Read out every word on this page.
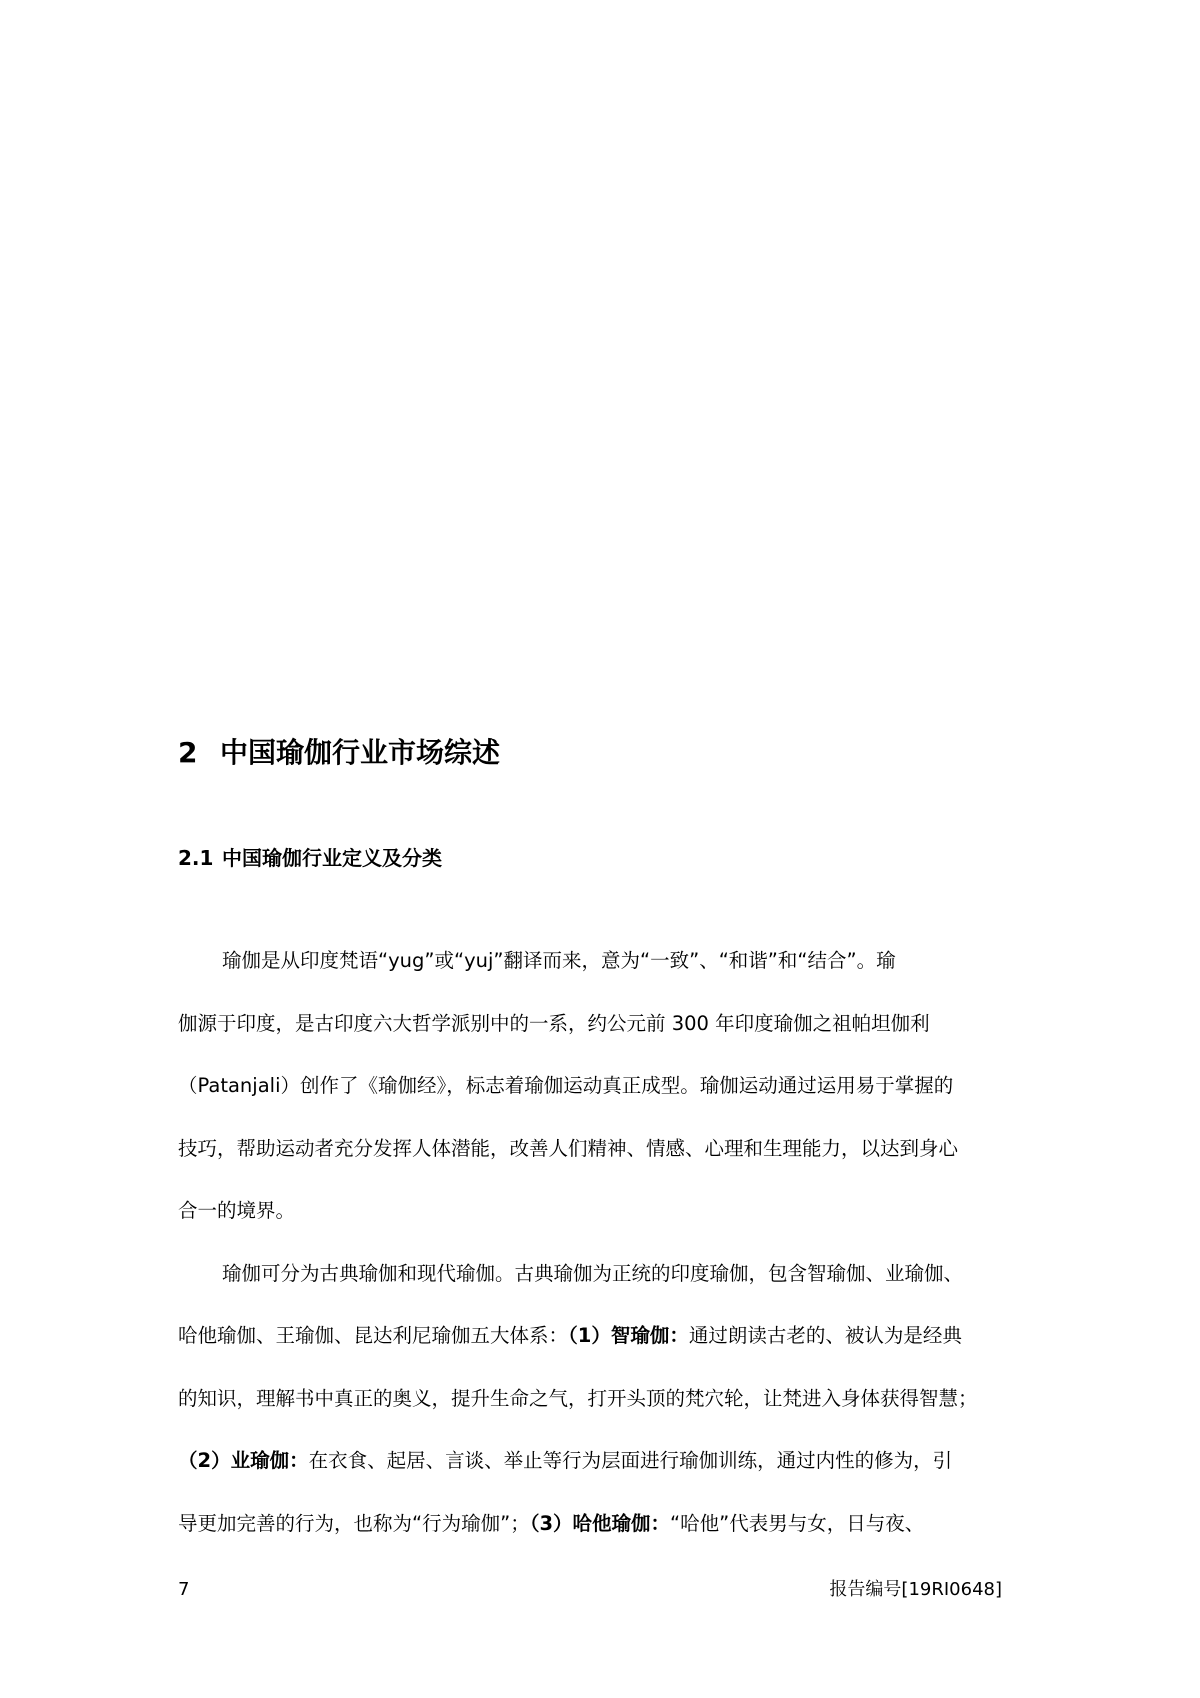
2 中国瑜伽行业市场综述
2.1 中国瑜伽行业定义及分类
瑜伽是从印度梵语“yug”或“yuj”翻译而来，意为“一致”、“和谐”和“结合”。瑜
伽源于印度，是古印度六大哲学派别中的一系，约公元前 300 年印度瑜伽之祖帕坦伽利
（Patanjali）创作了《瑜伽经》，标志着瑜伽运动真正成型。瑜伽运动通过运用易于掌握的
技巧，帮助运动者充分发挥人体潜能，改善人们精神、情感、心理和生理能力，以达到身心
合一的境界。
瑜伽可分为古典瑜伽和现代瑜伽。古典瑜伽为正统的印度瑜伽，包含智瑜伽、业瑜伽、
哈他瑜伽、王瑜伽、昆达利尼瑜伽五大体系：（1）智瑜伽：通过朗读古老的、被认为是经典
的知识，理解书中真正的奥义，提升生命之气，打开头顶的梵穴轮，让梵进入身体获得智慧；
（2）业瑜伽：在衣食、起居、言谈、举止等行为层面进行瑜伽训练，通过内性的修为，引
导更加完善的行为，也称为“行为瑜伽”；（3）哈他瑜伽：“哈他”代表男与女，日与夜、
7	报告编号[19RI0648]
